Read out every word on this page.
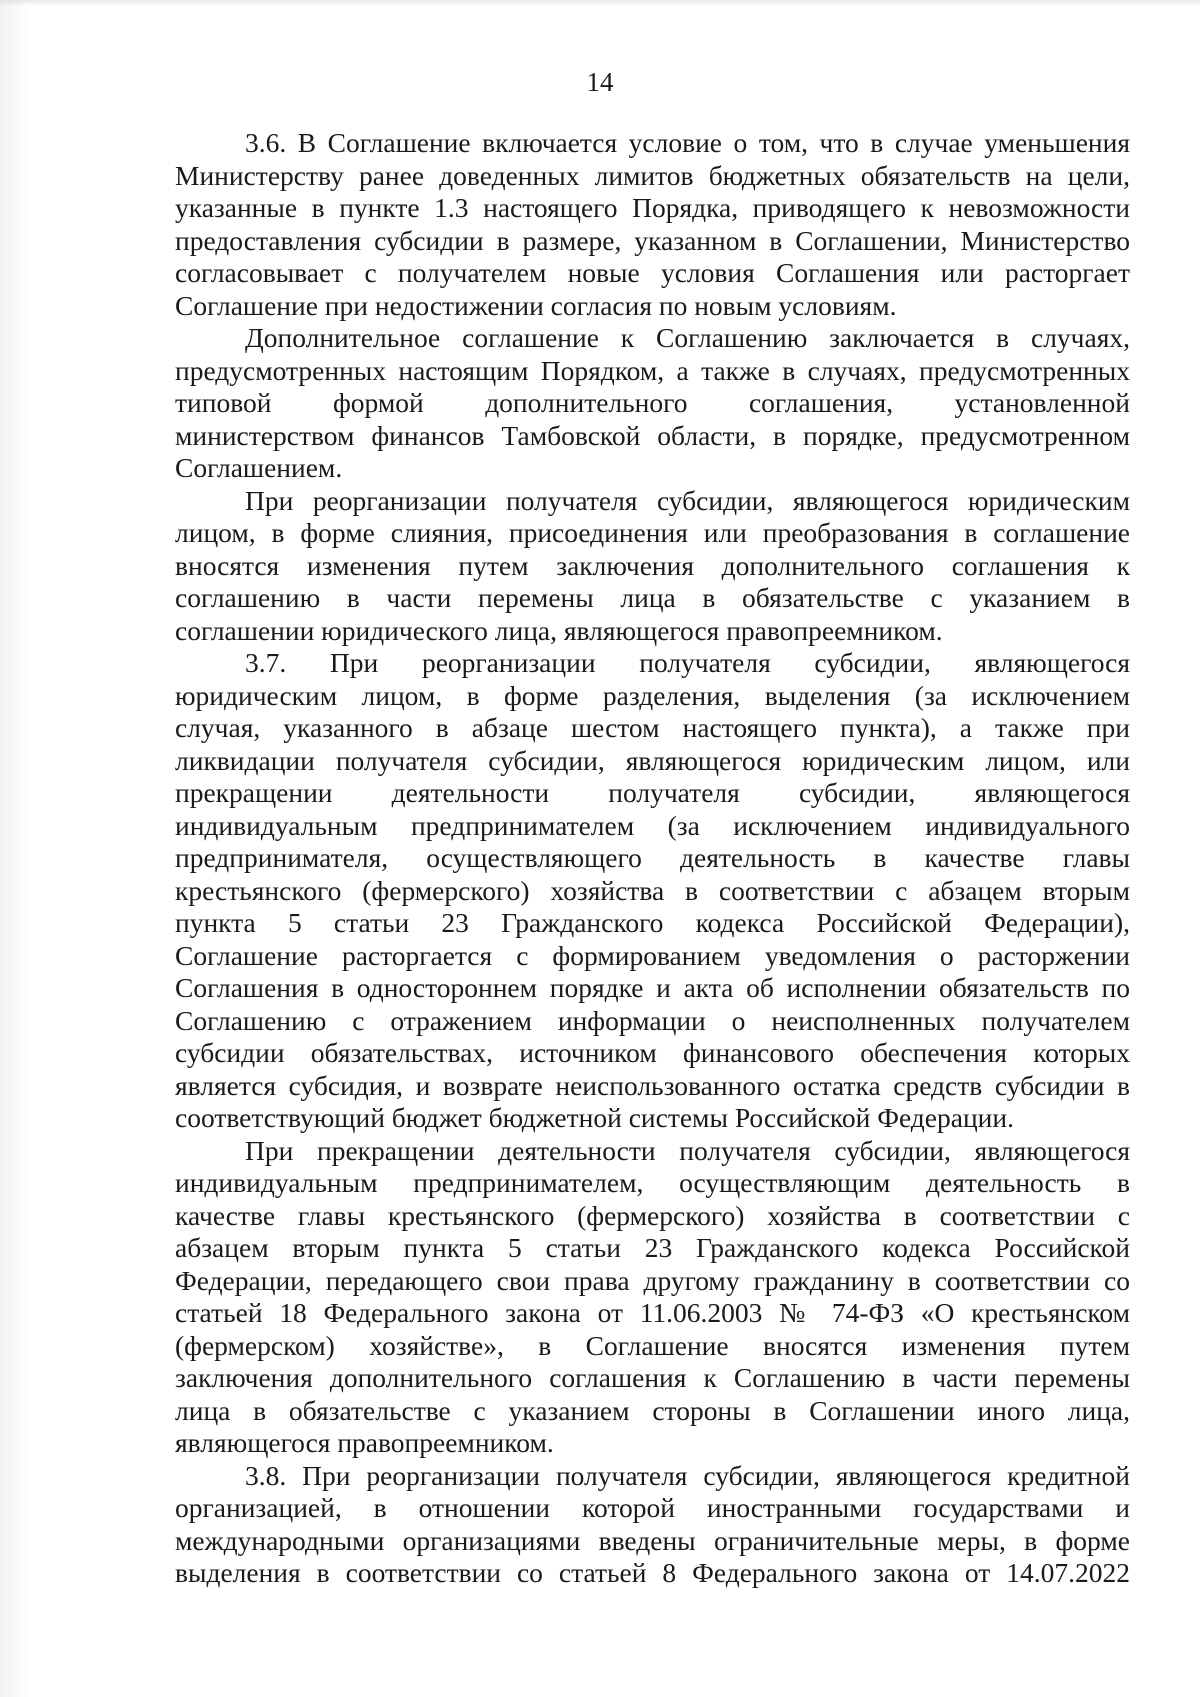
14
3.6. В Соглашение включается условие о том, что в случае уменьшения
Министерству ранее доведенных лимитов бюджетных обязательств на цели,
указанные в пункте 1.3 настоящего Порядка, приводящего к невозможности
предоставления субсидии в размере, указанном в Соглашении, Министерство
согласовывает с получателем новые условия Соглашения или расторгает
Соглашение при недостижении согласия по новым условиям.
Дополнительное соглашение к Соглашению заключается в случаях,
предусмотренных настоящим Порядком, а также в случаях, предусмотренных
типовой формой дополнительного соглашения, установленной
министерством финансов Тамбовской области, в порядке, предусмотренном
Соглашением.
При реорганизации получателя субсидии, являющегося юридическим
лицом, в форме слияния, присоединения или преобразования в соглашение
вносятся изменения путем заключения дополнительного соглашения к
соглашению в части перемены лица в обязательстве с указанием в
соглашении юридического лица, являющегося правопреемником.
3.7. При реорганизации получателя субсидии, являющегося
юридическим лицом, в форме разделения, выделения (за исключением
случая, указанного в абзаце шестом настоящего пункта), а также при
ликвидации получателя субсидии, являющегося юридическим лицом, или
прекращении деятельности получателя субсидии, являющегося
индивидуальным предпринимателем (за исключением индивидуального
предпринимателя, осуществляющего деятельность в качестве главы
крестьянского (фермерского) хозяйства в соответствии с абзацем вторым
пункта 5 статьи 23 Гражданского кодекса Российской Федерации),
Соглашение расторгается с формированием уведомления о расторжении
Соглашения в одностороннем порядке и акта об исполнении обязательств по
Соглашению с отражением информации о неисполненных получателем
субсидии обязательствах, источником финансового обеспечения которых
является субсидия, и возврате неиспользованного остатка средств субсидии в
соответствующий бюджет бюджетной системы Российской Федерации.
При прекращении деятельности получателя субсидии, являющегося
индивидуальным предпринимателем, осуществляющим деятельность в
качестве главы крестьянского (фермерского) хозяйства в соответствии с
абзацем вторым пункта 5 статьи 23 Гражданского кодекса Российской
Федерации, передающего свои права другому гражданину в соответствии со
статьей 18 Федерального закона от 11.06.2003 № 74-ФЗ «О крестьянском
(фермерском) хозяйстве», в Соглашение вносятся изменения путем
заключения дополнительного соглашения к Соглашению в части перемены
лица в обязательстве с указанием стороны в Соглашении иного лица,
являющегося правопреемником.
3.8. При реорганизации получателя субсидии, являющегося кредитной
организацией, в отношении которой иностранными государствами и
международными организациями введены ограничительные меры, в форме
выделения в соответствии со статьей 8 Федерального закона от 14.07.2022
